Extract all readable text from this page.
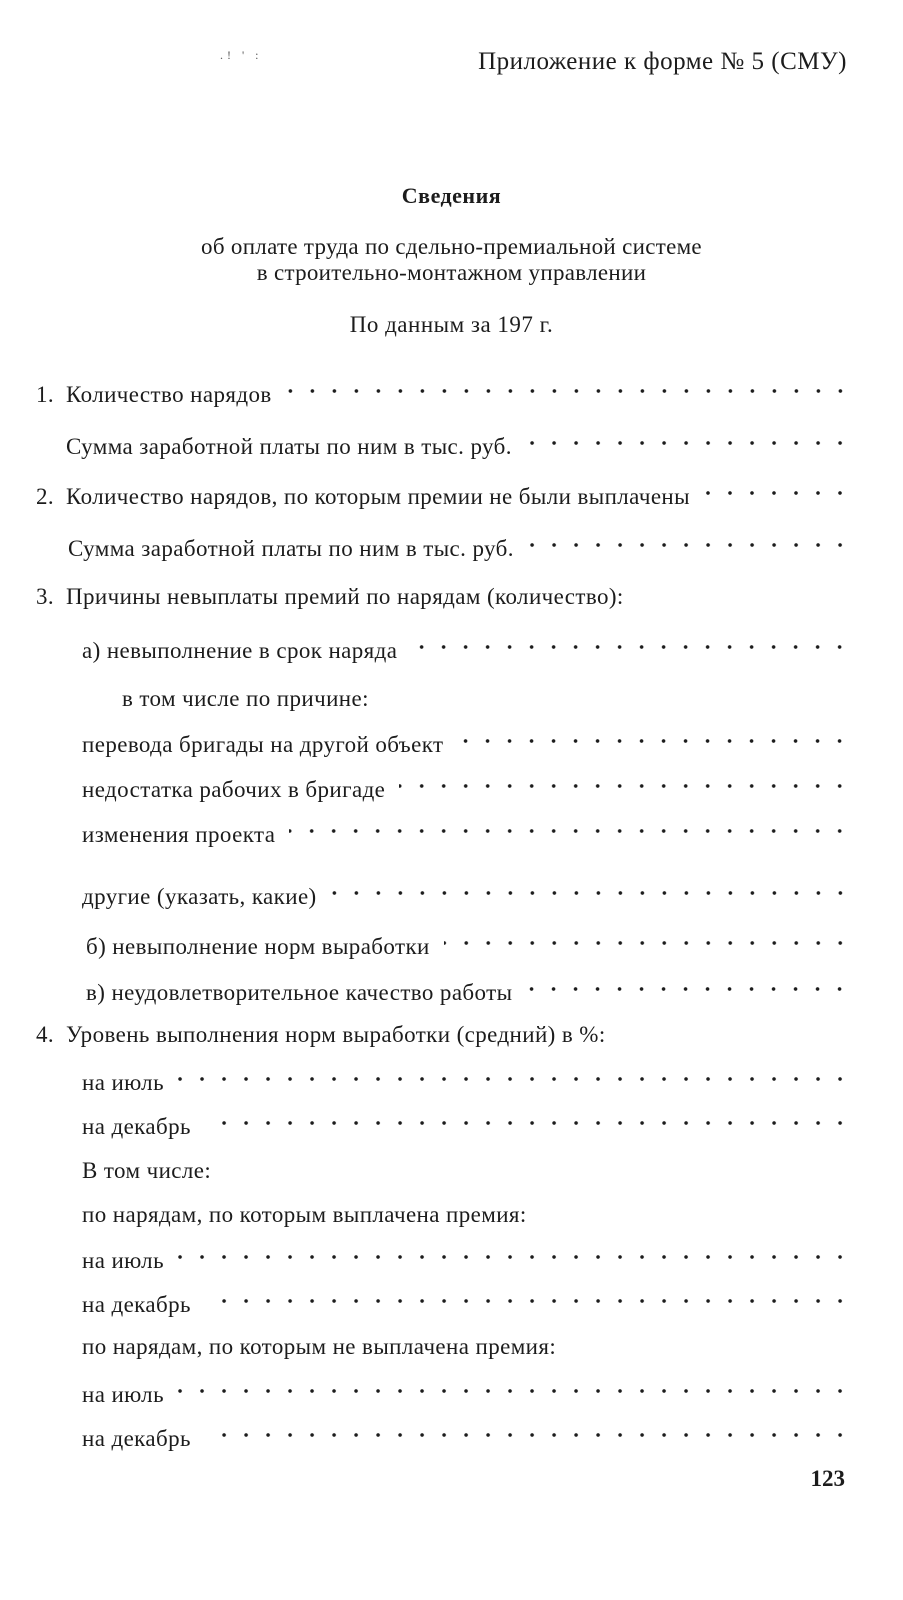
.! ' :	Приложение к форме № 5 (СМУ)
Сведения
об оплате труда по сдельно-премиальной системе
в строительно-монтажном управлении
По данным за 197 г.
1. Количество нарядов
Сумма заработной платы по ним в тыс. руб.
2. Количество нарядов, по которым премии не были выплачены
Сумма заработной платы по ним в тыс. руб.
3. Причины невыплаты премий по нарядам (количество):
а) невыполнение в срок наряда
в том числе по причине:
перевода бригады на другой объект
недостатка рабочих в бригаде
изменения проекта
другие (указать, какие)
б) невыполнение норм выработки
в) неудовлетворительное качество работы
4. Уровень выполнения норм выработки (средний) в %:
на июль
на декабрь
В том числе:
по нарядам, по которым выплачена премия:
на июль
на декабрь
по нарядам, по которым не выплачена премия:
на июль
на декабрь
123
